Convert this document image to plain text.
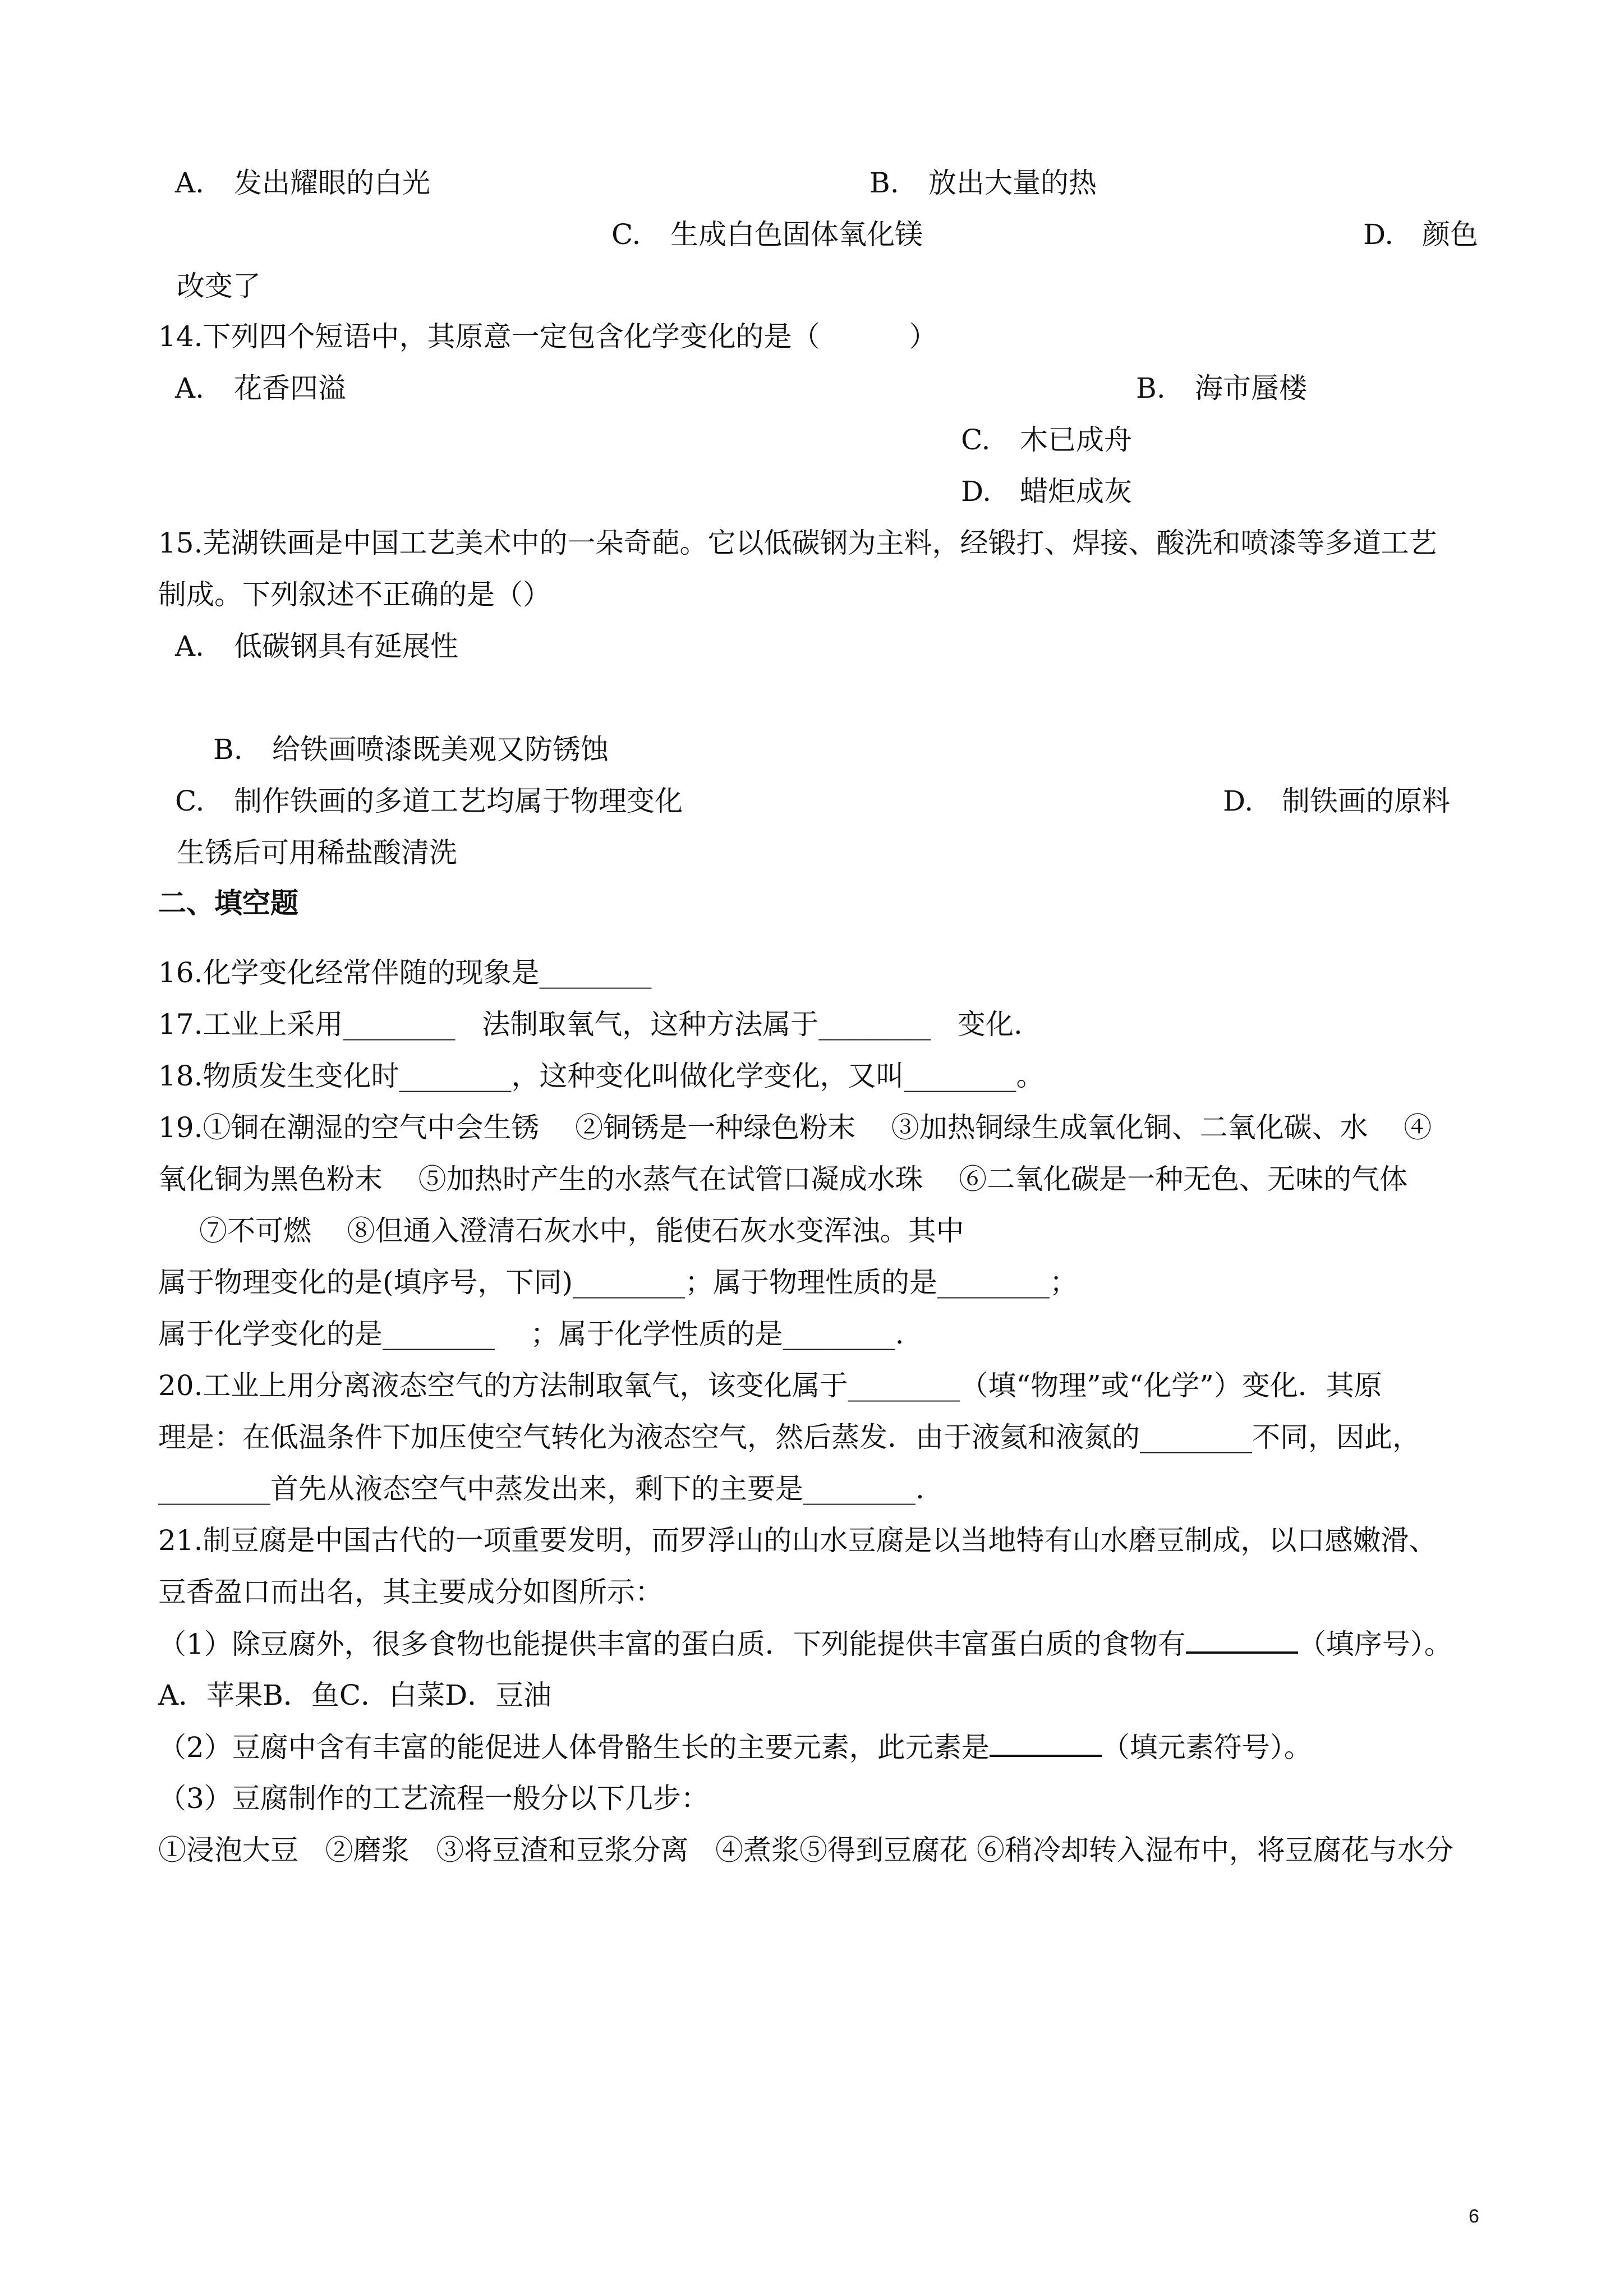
A. 发出耀眼的白光	B. 放出大量的热
C. 生成白色固体氧化镁	D. 颜色
改变了
14.下列四个短语中，其原意一定包含化学变化的是（          ）
A. 花香四溢	B. 海市蜃楼
C. 木已成舟
D. 蜡炬成灰
15.芜湖铁画是中国工艺美术中的一朵奇葩。它以低碳钢为主料，经锻打、焊接、酸洗和喷漆等多道工艺
制成。下列叙述不正确的是（）
A. 低碳钢具有延展性
B. 给铁画喷漆既美观又防锈蚀
C. 制作铁画的多道工艺均属于物理变化	D. 制铁画的原料
生锈后可用稀盐酸清洗
二、填空题
16.化学变化经常伴随的现象是________
17.工业上采用________   法制取氧气，这种方法属于________   变化.
18.物质发生变化时________，这种变化叫做化学变化，又叫________。
19.①铜在潮湿的空气中会生锈    ②铜锈是一种绿色粉末    ③加热铜绿生成氧化铜、二氧化碳、水    ④
氧化铜为黑色粉末    ⑤加热时产生的水蒸气在试管口凝成水珠    ⑥二氧化碳是一种无色、无味的气体
⑦不可燃    ⑧但通入澄清石灰水中，能使石灰水变浑浊。其中
属于物理变化的是(填序号，下同)________；属于物理性质的是________；
属于化学变化的是________    ；属于化学性质的是________.
20.工业上用分离液态空气的方法制取氧气，该变化属于________（填“物理”或“化学”）变化．其原
理是：在低温条件下加压使空气转化为液态空气，然后蒸发．由于液氦和液氮的________不同，因此，
________首先从液态空气中蒸发出来，剩下的主要是________.
21.制豆腐是中国古代的一项重要发明，而罗浮山的山水豆腐是以当地特有山水磨豆制成，以口感嫩滑、
豆香盈口而出名，其主要成分如图所示：
（1）除豆腐外，很多食物也能提供丰富的蛋白质．下列能提供丰富蛋白质的食物有	（填序号）。
A．苹果B．鱼C．白菜D．豆油
（2）豆腐中含有丰富的能促进人体骨骼生长的主要元素，此元素是	（填元素符号）。
（3）豆腐制作的工艺流程一般分以下几步：
①浸泡大豆   ②磨浆   ③将豆渣和豆浆分离   ④煮浆⑤得到豆腐花 ⑥稍冷却转入湿布中，将豆腐花与水分
6
